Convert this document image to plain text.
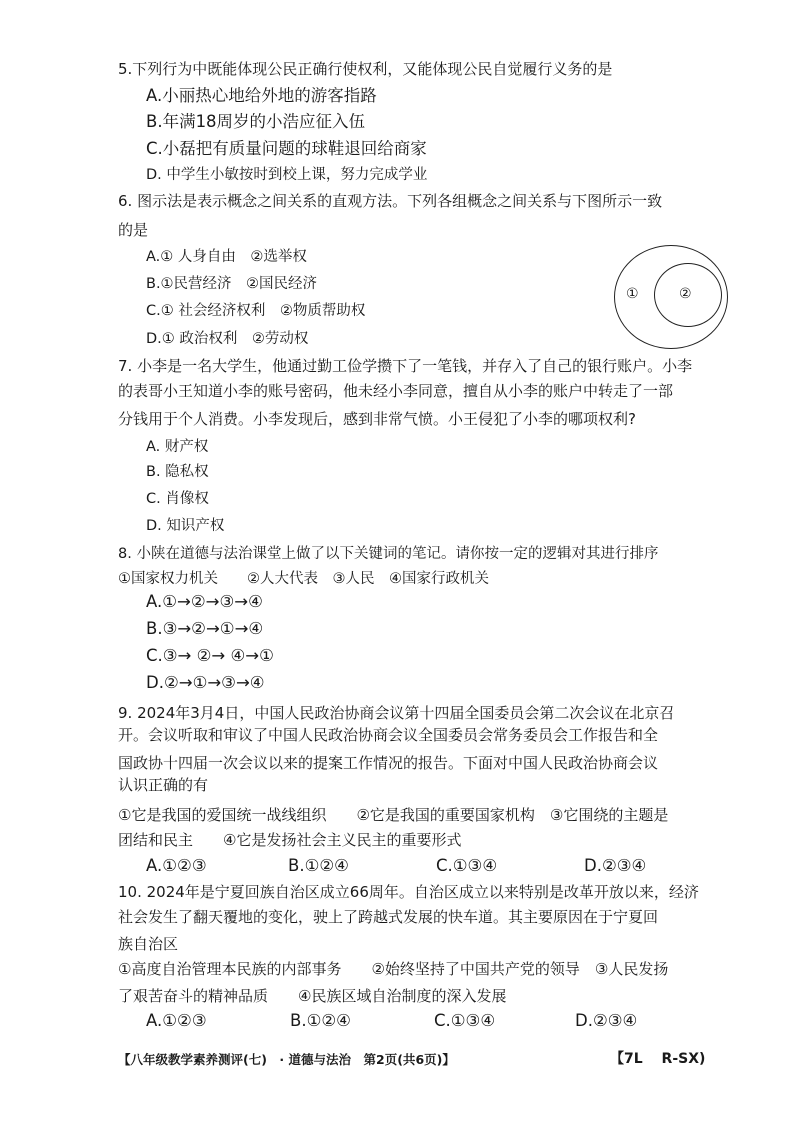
5.下列行为中既能体现公民正确行使权利，又能体现公民自觉履行义务的是
A.小丽热心地给外地的游客指路
B.年满18周岁的小浩应征入伍
C.小磊把有质量问题的球鞋退回给商家
D. 中学生小敏按时到校上课，努力完成学业
6. 图示法是表示概念之间关系的直观方法。下列各组概念之间关系与下图所示一致
的是
A.① 人身自由　②选举权
B.①民营经济　②国民经济
C.① 社会经济权利　②物质帮助权
D.① 政治权利　②劳动权
①	②
7. 小李是一名大学生，他通过勤工俭学攒下了一笔钱，并存入了自己的银行账户。小李
的表哥小王知道小李的账号密码，他未经小李同意，擅自从小李的账户中转走了一部
分钱用于个人消费。小李发现后，感到非常气愤。小王侵犯了小李的哪项权利?
A. 财产权
B. 隐私权
C. 肖像权
D. 知识产权
8. 小陕在道德与法治课堂上做了以下关键词的笔记。请你按一定的逻辑对其进行排序
①国家权力机关　　②人大代表　③人民　④国家行政机关
A.①→②→③→④
B.③→②→①→④
C.③→ ②→ ④→①
D.②→①→③→④
9. 2024年3月4日，中国人民政治协商会议第十四届全国委员会第二次会议在北京召
开。会议听取和审议了中国人民政治协商会议全国委员会常务委员会工作报告和全
国政协十四届一次会议以来的提案工作情况的报告。下面对中国人民政治协商会议
认识正确的有
①它是我国的爱国统一战线组织　　②它是我国的重要国家机构　③它围绕的主题是
团结和民主　　④它是发扬社会主义民主的重要形式
A.①②③	B.①②④	C.①③④	D.②③④
10. 2024年是宁夏回族自治区成立66周年。自治区成立以来特别是改革开放以来，经济
社会发生了翻天覆地的变化，驶上了跨越式发展的快车道。其主要原因在于宁夏回
族自治区
①高度自治管理本民族的内部事务　　②始终坚持了中国共产党的领导　③人民发扬
了艰苦奋斗的精神品质　　④民族区域自治制度的深入发展
A.①②③	B.①②④	C.①③④	D.②③④
【八年级教学素养测评(七)　· 道德与法治　第2页(共6页)】	【7L　 R-SX)
